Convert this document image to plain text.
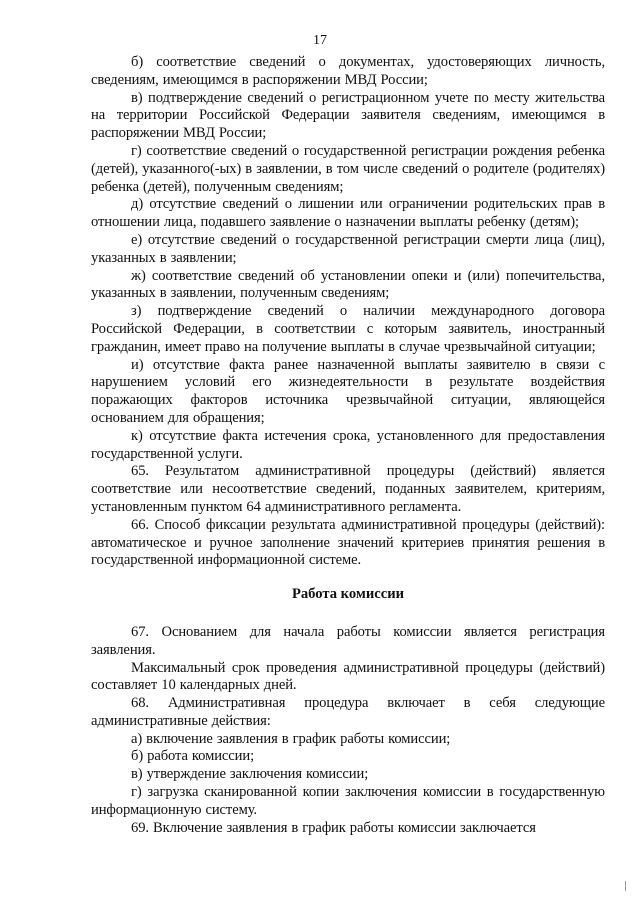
17

б) соответствие сведений о документах, удостоверяющих личность, сведениям, имеющимся в распоряжении МВД России;

в) подтверждение сведений о регистрационном учете по месту жительства на территории Российской Федерации заявителя сведениям, имеющимся в распоряжении МВД России;

г) соответствие сведений о государственной регистрации рождения ребенка (детей), указанного(-ых) в заявлении, в том числе сведений о родителе (родителях) ребенка (детей), полученным сведениям;

д) отсутствие сведений о лишении или ограничении родительских прав в отношении лица, подавшего заявление о назначении выплаты ребенку (детям);

е) отсутствие сведений о государственной регистрации смерти лица (лиц), указанных в заявлении;

ж) соответствие сведений об установлении опеки и (или) попечительства, указанных в заявлении, полученным сведениям;

з) подтверждение сведений о наличии международного договора Российской Федерации, в соответствии с которым заявитель, иностранный гражданин, имеет право на получение выплаты в случае чрезвычайной ситуации;

и) отсутствие факта ранее назначенной выплаты заявителю в связи с нарушением условий его жизнедеятельности в результате воздействия поражающих факторов источника чрезвычайной ситуации, являющейся основанием для обращения;

к) отсутствие факта истечения срока, установленного для предоставления государственной услуги.

65. Результатом административной процедуры (действий) является соответствие или несоответствие сведений, поданных заявителем, критериям, установленным пунктом 64 административного регламента.

66. Способ фиксации результата административной процедуры (действий): автоматическое и ручное заполнение значений критериев принятия решения в государственной информационной системе.

Работа комиссии

67. Основанием для начала работы комиссии является регистрация заявления.

Максимальный срок проведения административной процедуры (действий) составляет 10 календарных дней.

68. Административная процедура включает в себя следующие административные действия:

а) включение заявления в график работы комиссии;

б) работа комиссии;

в) утверждение заключения комиссии;

г) загрузка сканированной копии заключения комиссии в государственную информационную систему.

69. Включение заявления в график работы комиссии заключается
